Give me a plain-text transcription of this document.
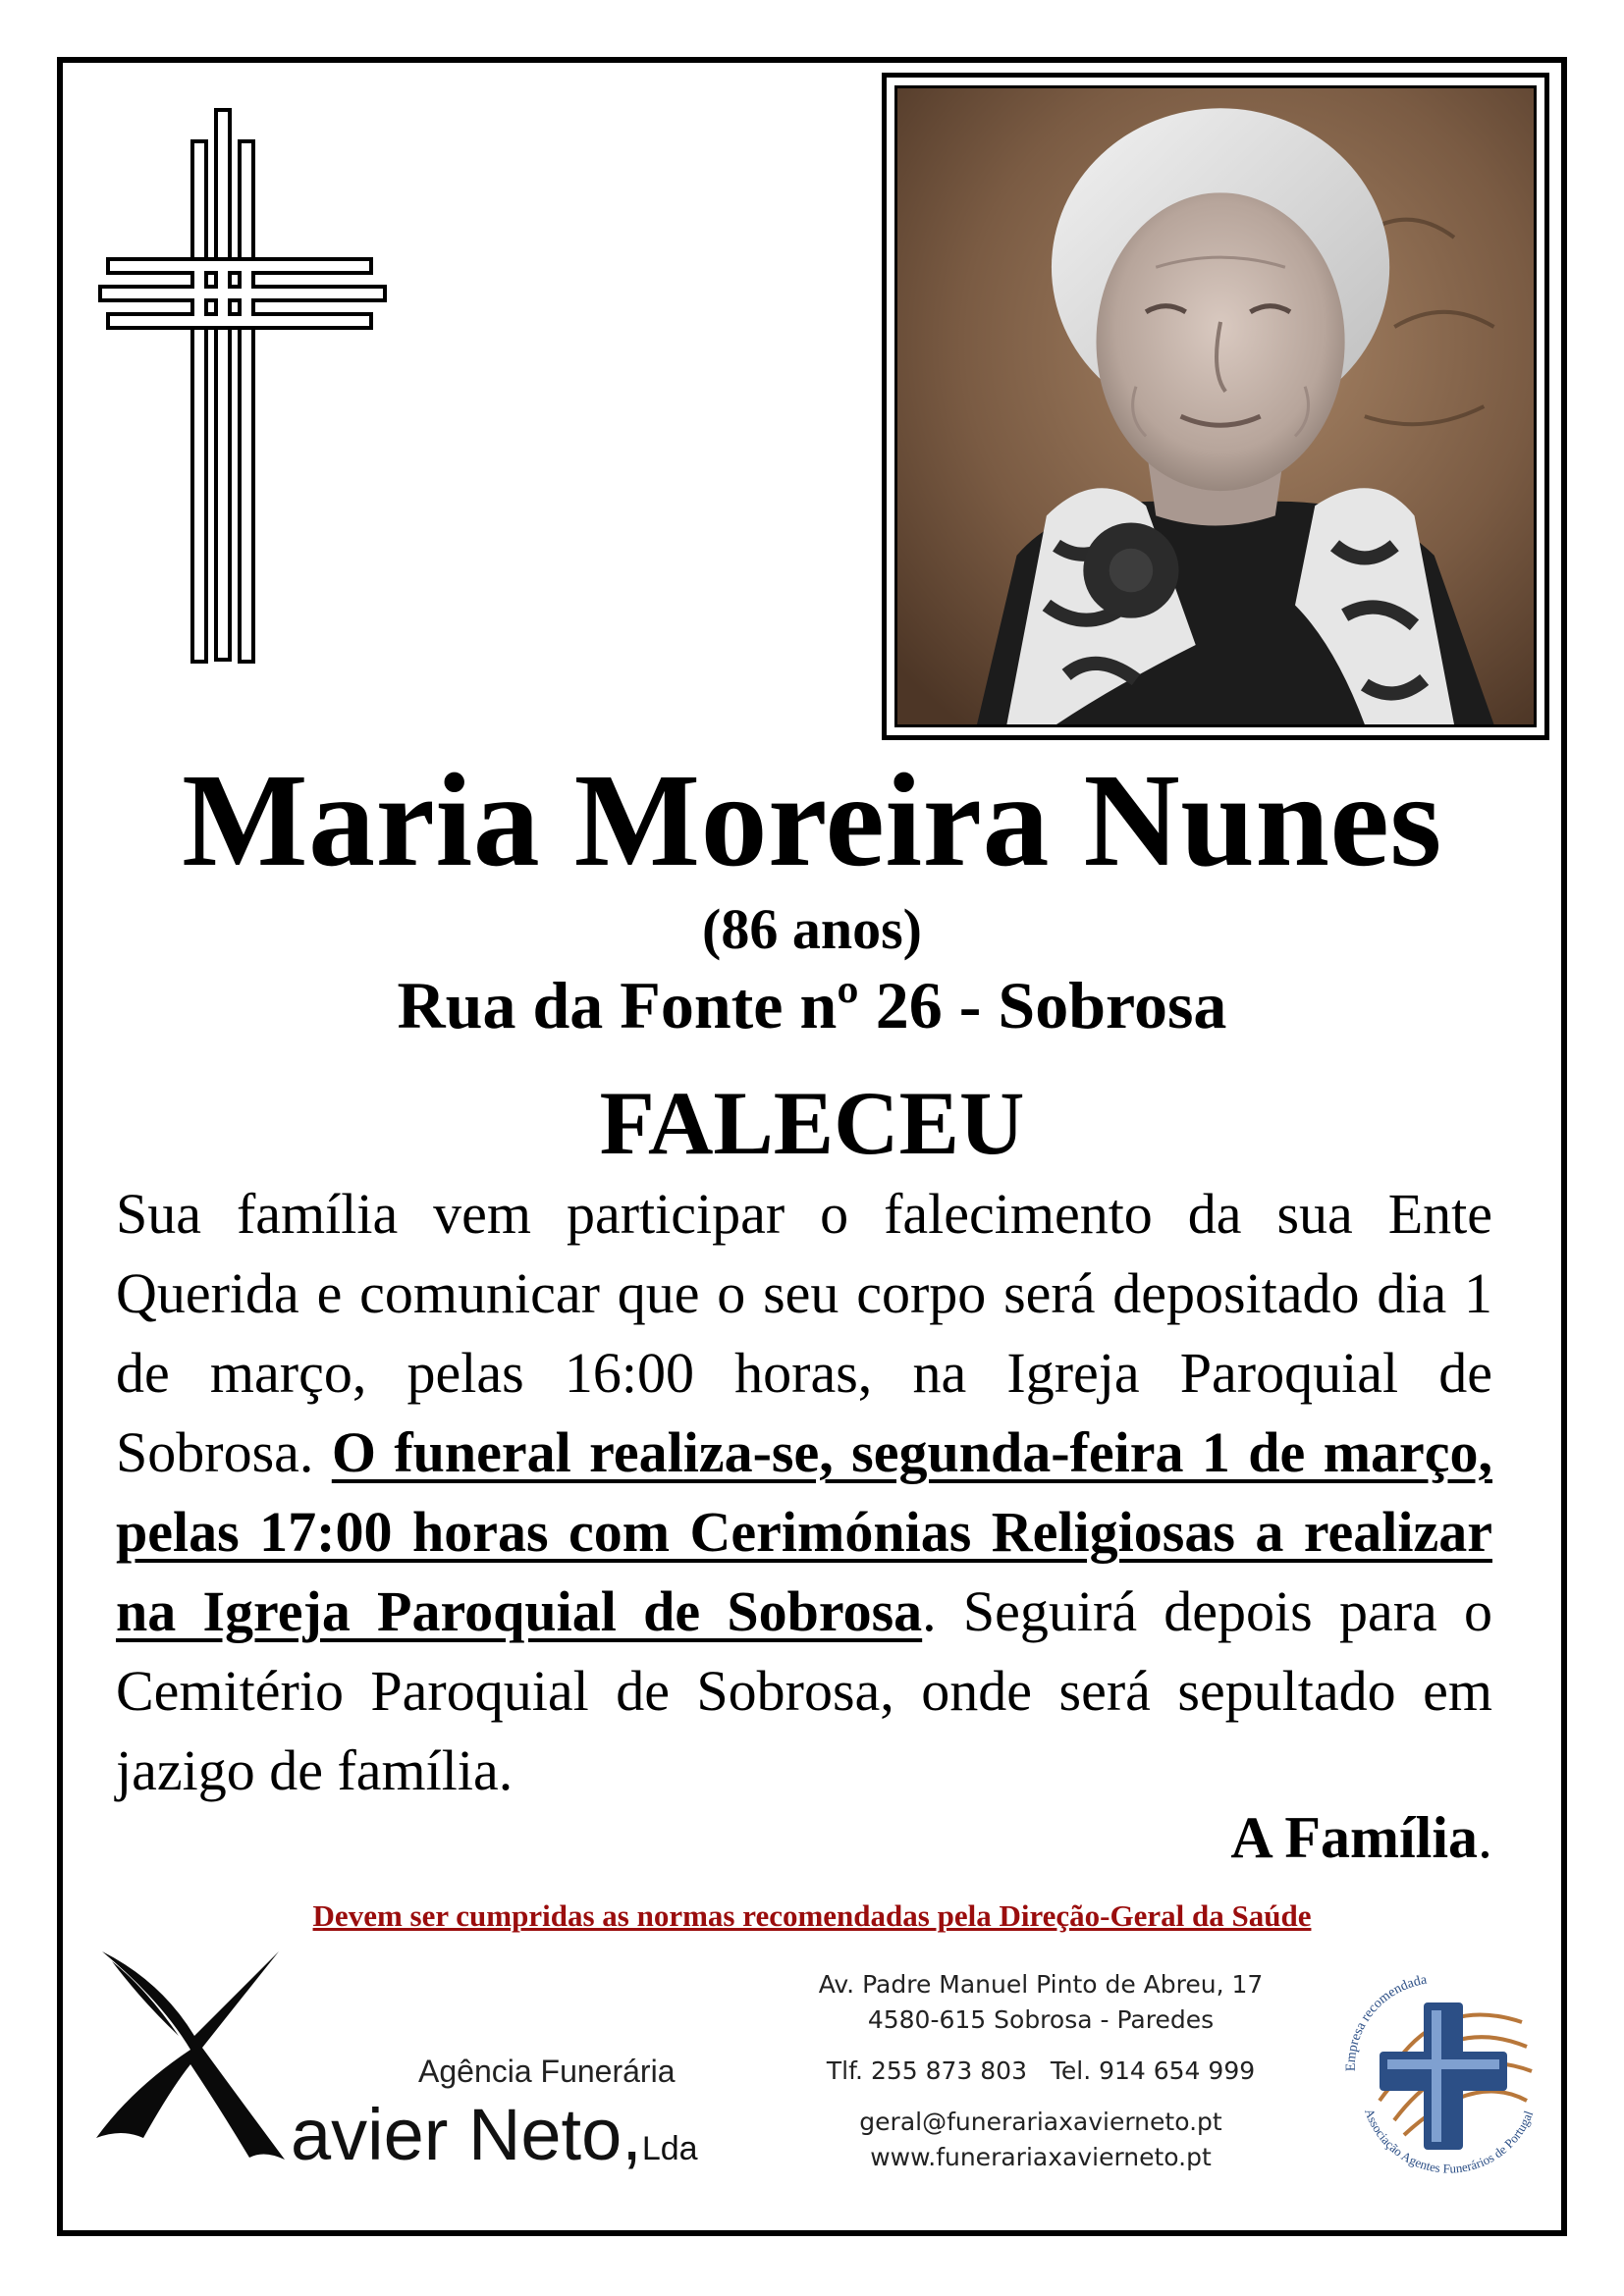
Maria Moreira Nunes
(86 anos)
Rua da Fonte nº 26 - Sobrosa
FALECEU
Sua família vem participar o falecimento da sua Ente Querida e comunicar que o seu corpo será depositado dia 1 de março, pelas 16:00 horas, na Igreja Paroquial de Sobrosa. O funeral realiza-se, segunda-feira 1 de março, pelas 17:00 horas com Cerimónias Religiosas a realizar na Igreja Paroquial de Sobrosa. Seguirá depois para o Cemitério Paroquial de Sobrosa, onde será sepultado em jazigo de família.
A Família.
Devem ser cumpridas as normas recomendadas pela Direção-Geral da Saúde
Agência Funerária
avier Neto,Lda
Av. Padre Manuel Pinto de Abreu, 17
4580-615 Sobrosa - Paredes
Tlf. 255 873 803   Tel. 914 654 999
geral@funerariaxavierneto.pt
www.funerariaxavierneto.pt
Empresa recomendada
Associação Agentes Funerários de Portugal
